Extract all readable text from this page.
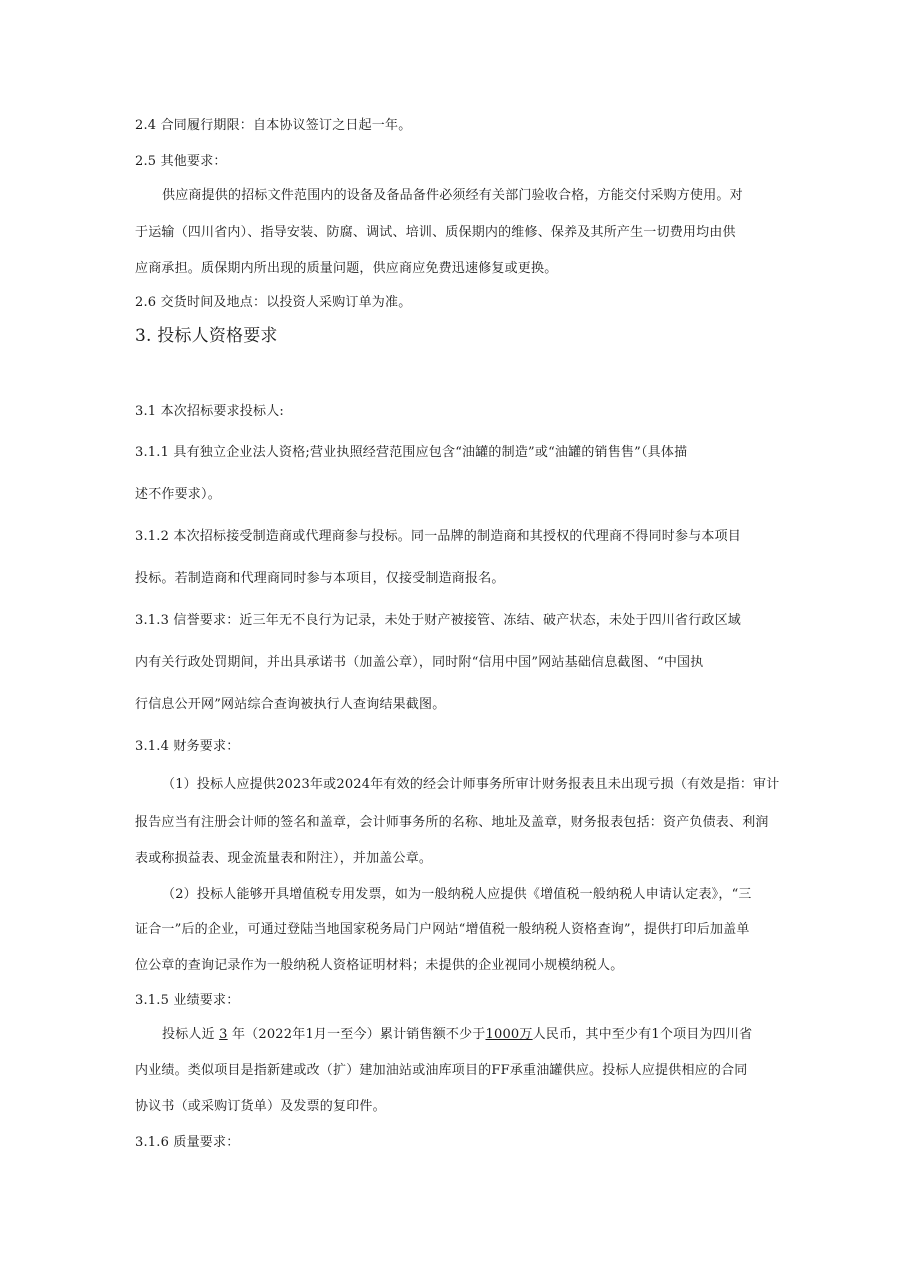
2.4 合同履行期限：自本协议签订之日起一年。
2.5 其他要求：
供应商提供的招标文件范围内的设备及备品备件必须经有关部门验收合格，方能交付采购方使用。对
于运输（四川省内）、指导安装、防腐、调试、培训、质保期内的维修、保养及其所产生一切费用均由供
应商承担。质保期内所出现的质量问题，供应商应免费迅速修复或更换。
2.6 交货时间及地点：以投资人采购订单为准。
3. 投标人资格要求
3.1 本次招标要求投标人:
3.1.1 具有独立企业法人资格;营业执照经营范围应包含“油罐的制造”或“油罐的销售售”（具体描
述不作要求）。
3.1.2 本次招标接受制造商或代理商参与投标。同一品牌的制造商和其授权的代理商不得同时参与本项目
投标。若制造商和代理商同时参与本项目，仅接受制造商报名。
3.1.3 信誉要求：近三年无不良行为记录，未处于财产被接管、冻结、破产状态，未处于四川省行政区域
内有关行政处罚期间，并出具承诺书（加盖公章），同时附“信用中国”网站基础信息截图、“中国执
行信息公开网”网站综合查询被执行人查询结果截图。
3.1.4 财务要求：
（1）投标人应提供2023年或2024年有效的经会计师事务所审计财务报表且未出现亏损（有效是指：审计
报告应当有注册会计师的签名和盖章，会计师事务所的名称、地址及盖章，财务报表包括：资产负债表、利润
表或称损益表、现金流量表和附注），并加盖公章。
（2）投标人能够开具增值税专用发票，如为一般纳税人应提供《增值税一般纳税人申请认定表》，“三
证合一”后的企业，可通过登陆当地国家税务局门户网站“增值税一般纳税人资格查询”，提供打印后加盖单
位公章的查询记录作为一般纳税人资格证明材料；未提供的企业视同小规模纳税人。
3.1.5 业绩要求：
投标人近 3 年（2022年1月一至今）累计销售额不少于1000万人民币，其中至少有1个项目为四川省
内业绩。类似项目是指新建或改（扩）建加油站或油库项目的FF承重油罐供应。投标人应提供相应的合同
协议书（或采购订货单）及发票的复印件。
3.1.6 质量要求：
